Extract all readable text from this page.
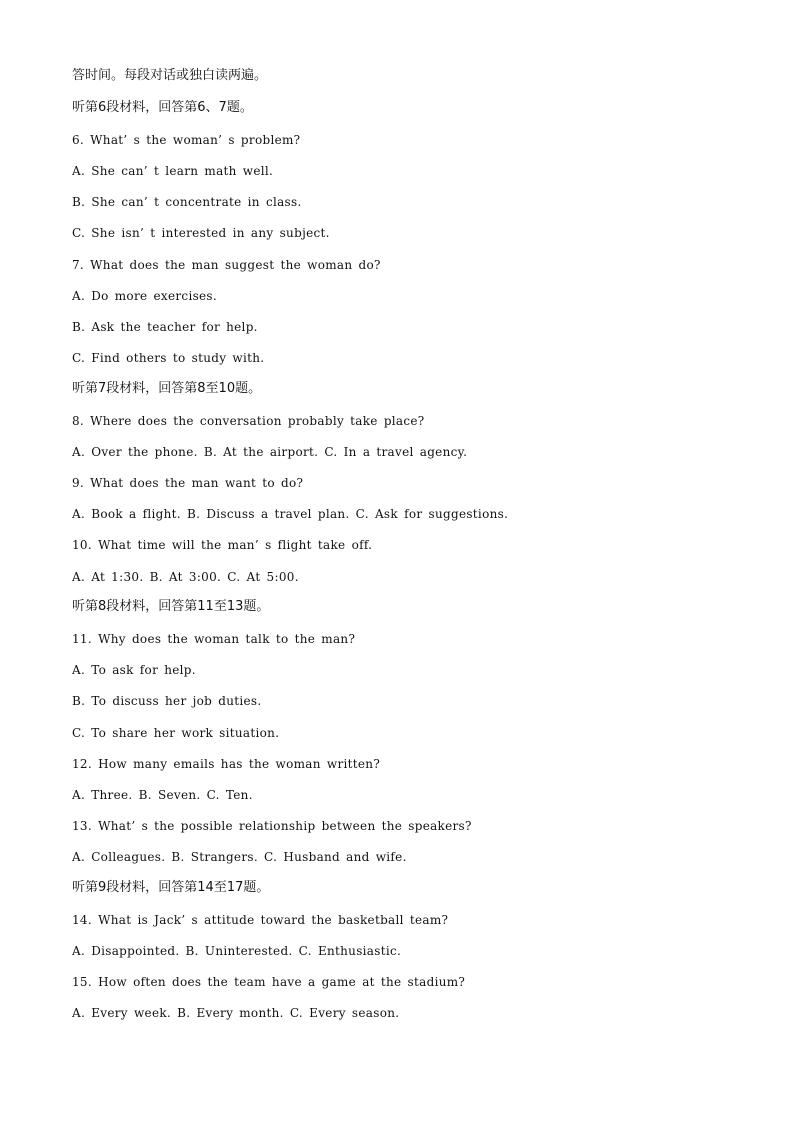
答时间。每段对话或独白读两遍。
听第6段材料，回答第6、7题。
6. What’ s the woman’ s problem?
A. She can’ t learn math well.
B. She can’ t concentrate in class.
C. She isn’ t interested in any subject.
7. What does the man suggest the woman do?
A. Do more exercises.
B. Ask the teacher for help.
C. Find others to study with.
听第7段材料，回答第8至10题。
8. Where does the conversation probably take place?
A. Over the phone. B. At the airport. C. In a travel agency.
9. What does the man want to do?
A. Book a flight. B. Discuss a travel plan. C. Ask for suggestions.
10. What time will the man’ s flight take off.
A. At 1:30. B. At 3:00. C. At 5:00.
听第8段材料，回答第11至13题。
11. Why does the woman talk to the man?
A. To ask for help.
B. To discuss her job duties.
C. To share her work situation.
12. How many emails has the woman written?
A. Three. B. Seven. C. Ten.
13. What’ s the possible relationship between the speakers?
A. Colleagues. B. Strangers. C. Husband and wife.
听第9段材料，回答第14至17题。
14. What is Jack’ s attitude toward the basketball team?
A. Disappointed. B. Uninterested. C. Enthusiastic.
15. How often does the team have a game at the stadium?
A. Every week. B. Every month. C. Every season.
